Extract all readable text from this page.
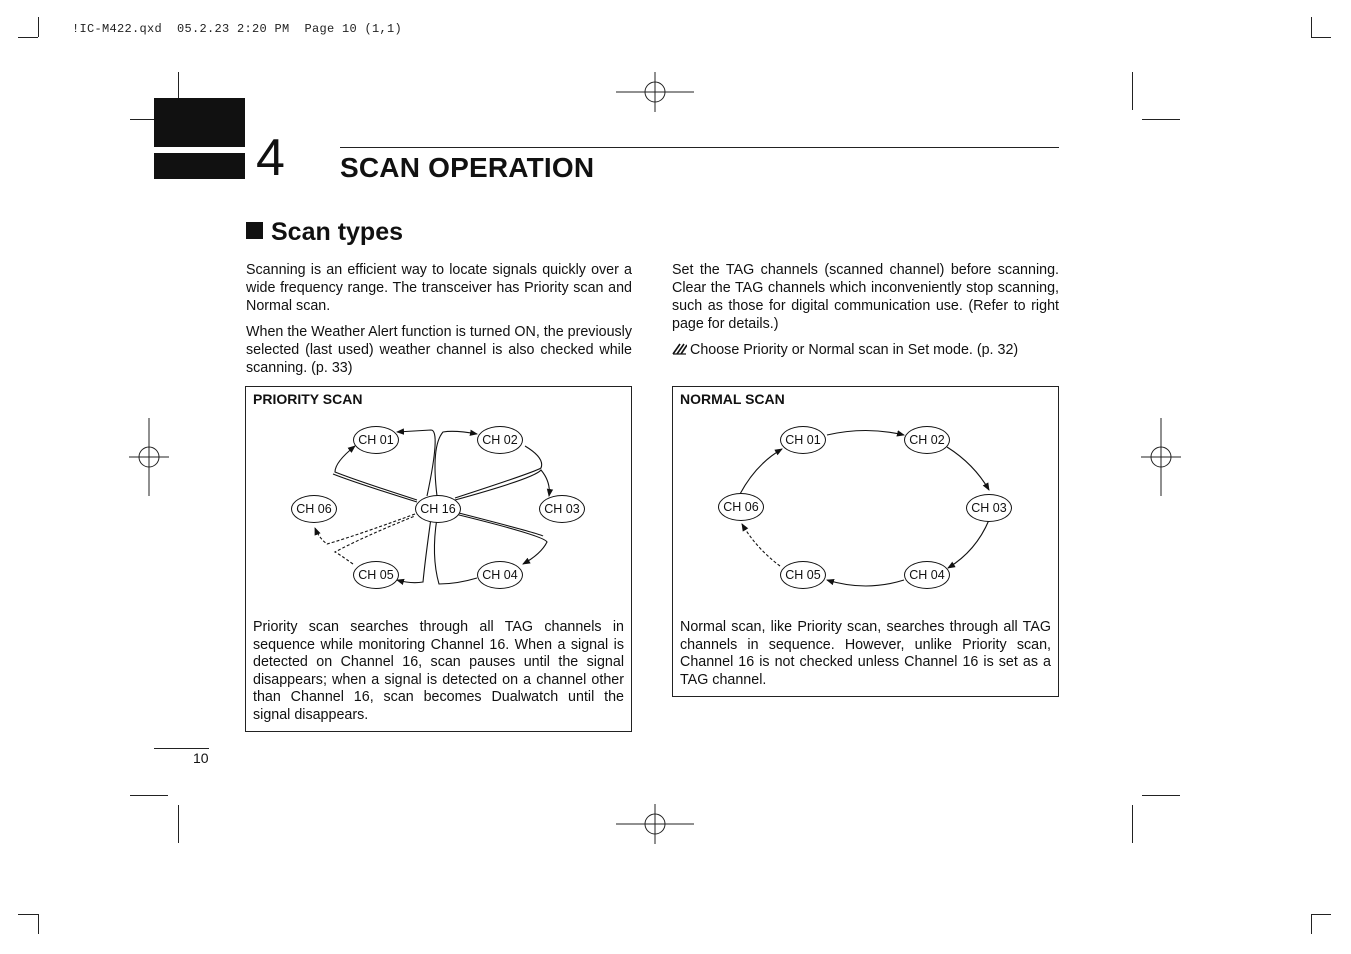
!IC-M422.qxd  05.2.23 2:20 PM  Page 10 (1,1)
4 SCAN OPERATION
Scan types
Scanning is an efficient way to locate signals quickly over a wide frequency range. The transceiver has Priority scan and Normal scan.
When the Weather Alert function is turned ON, the previously selected (last used) weather channel is also checked while scanning. (p. 33)
Set the TAG channels (scanned channel) before scanning. Clear the TAG channels which inconveniently stop scanning, such as those for digital communication use. (Refer to right page for details.)
Choose Priority or Normal scan in Set mode. (p. 32)
PRIORITY SCAN
CH 01	CH 02
CH 03
CH 04
CH 05
CH 06	CH 16
Priority scan searches through all TAG channels in sequence while monitoring Channel 16. When a signal is detected on Channel 16, scan pauses until the signal disappears; when a signal is detected on a channel other than Channel 16, scan becomes Dualwatch until the signal disappears.
NORMAL SCAN
CH 01	CH 02
CH 03
CH 04
CH 05
CH 06
Normal scan, like Priority scan, searches through all TAG channels in sequence. However, unlike Priority scan, Channel 16 is not checked unless Channel 16 is set as a TAG channel.
10
